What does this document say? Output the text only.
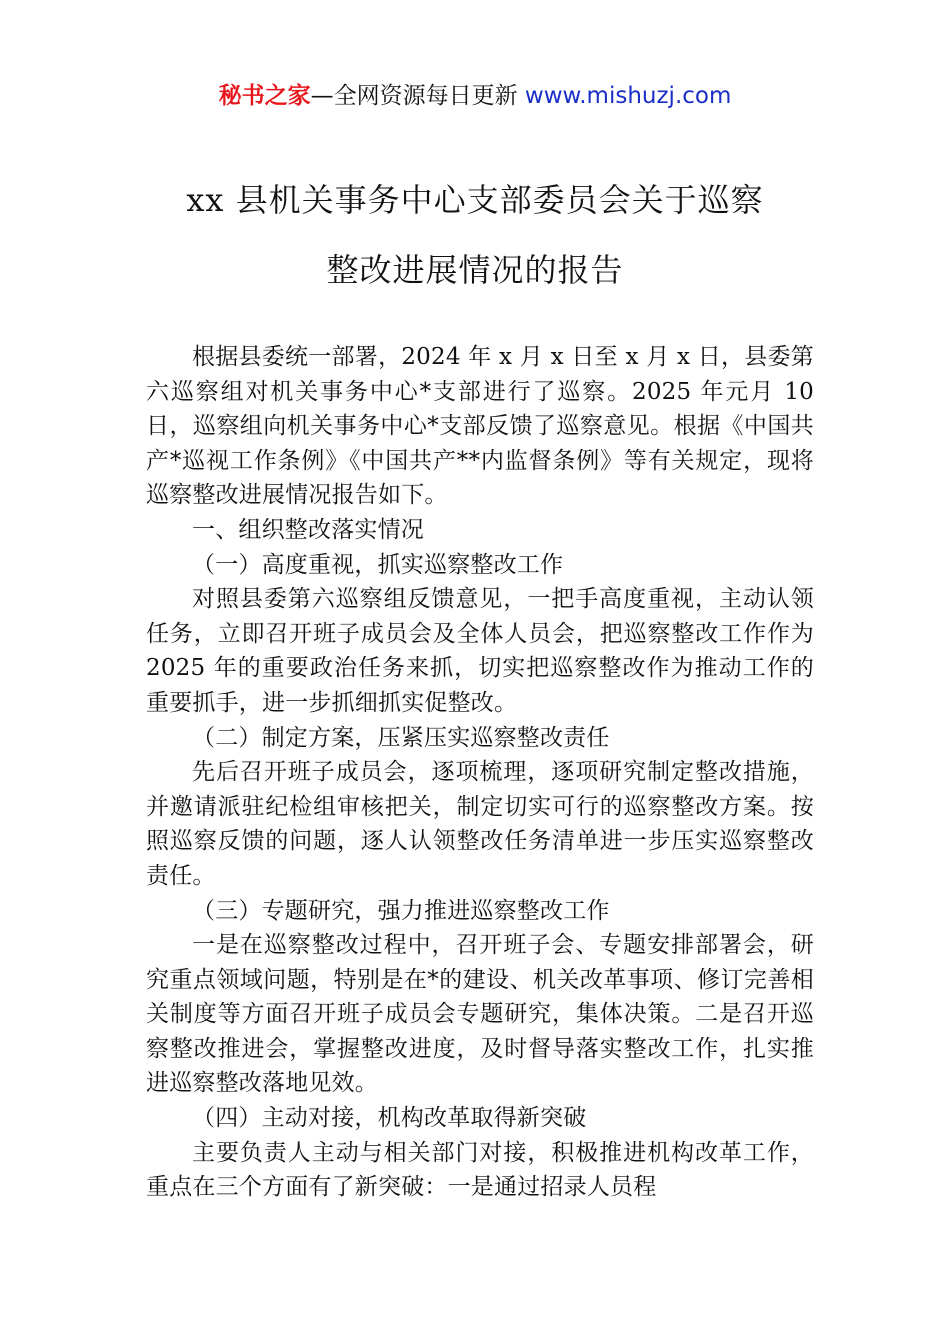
秘书之家—全网资源每日更新 www.mishuzj.com
xx 县机关事务中心支部委员会关于巡察
整改进展情况的报告

根据县委统一部署，2024 年 x 月 x 日至 x 月 x 日，县委第六巡察组对机关事务中心*支部进行了巡察。2025 年元月 10 日，巡察组向机关事务中心*支部反馈了巡察意见。根据《中国共产*巡视工作条例》《中国共产**内监督条例》等有关规定，现将巡察整改进展情况报告如下。

一、组织整改落实情况

（一）高度重视，抓实巡察整改工作

对照县委第六巡察组反馈意见，一把手高度重视，主动认领任务，立即召开班子成员会及全体人员会，把巡察整改工作作为 2025 年的重要政治任务来抓，切实把巡察整改作为推动工作的重要抓手，进一步抓细抓实促整改。

（二）制定方案，压紧压实巡察整改责任

先后召开班子成员会，逐项梳理，逐项研究制定整改措施，并邀请派驻纪检组审核把关，制定切实可行的巡察整改方案。按照巡察反馈的问题，逐人认领整改任务清单进一步压实巡察整改责任。

（三）专题研究，强力推进巡察整改工作

一是在巡察整改过程中，召开班子会、专题安排部署会，研究重点领域问题，特别是在*的建设、机关改革事项、修订完善相关制度等方面召开班子成员会专题研究，集体决策。二是召开巡察整改推进会，掌握整改进度，及时督导落实整改工作，扎实推进巡察整改落地见效。

（四）主动对接，机构改革取得新突破

主要负责人主动与相关部门对接，积极推进机构改革工作，重点在三个方面有了新突破：一是通过招录人员程
